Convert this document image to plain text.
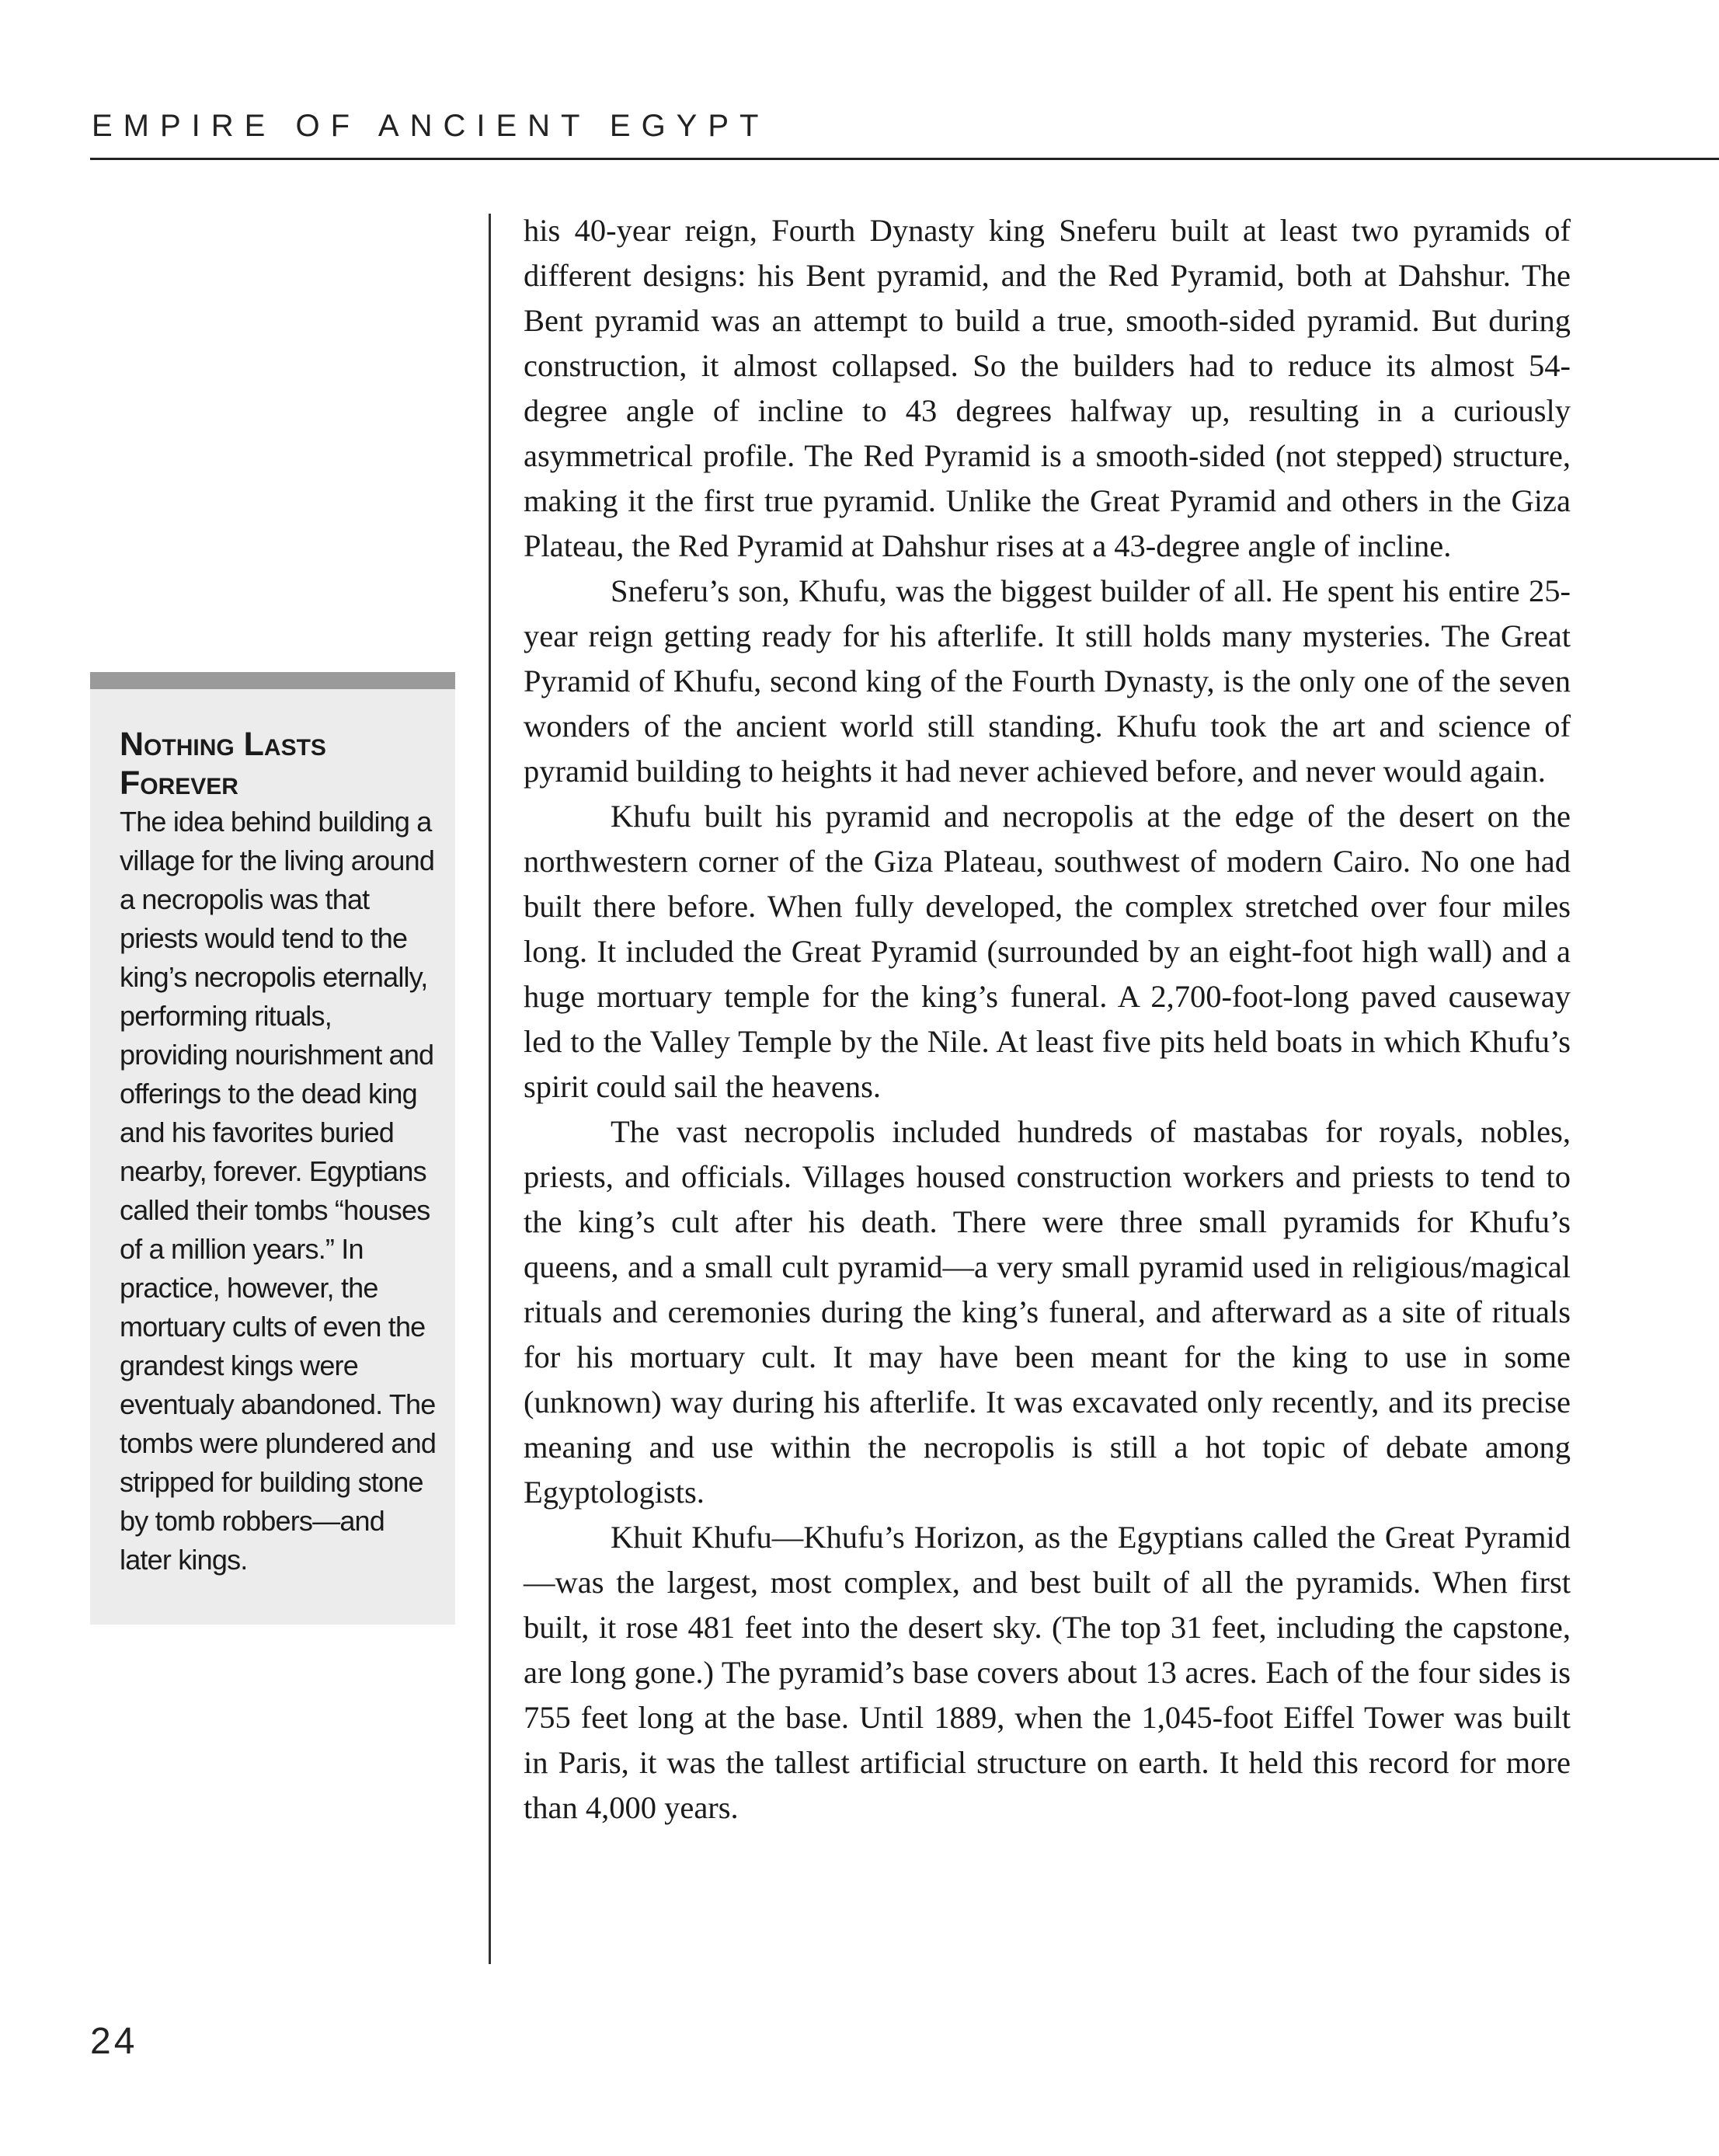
EMPIRE OF ANCIENT EGYPT

Nothing Lasts Forever

The idea behind building a village for the living around a necropolis was that priests would tend to the king’s necropolis eternally, performing rituals, providing nourishment and offerings to the dead king and his favorites buried nearby, forever. Egyptians called their tombs “houses of a million years.” In practice, however, the mortuary cults of even the grandest kings were eventualy abandoned. The tombs were plundered and stripped for building stone by tomb robbers—and later kings.

his 40-year reign, Fourth Dynasty king Sneferu built at least two pyramids of different designs: his Bent pyramid, and the Red Pyramid, both at Dahshur. The Bent pyramid was an attempt to build a true, smooth-sided pyramid. But during construction, it almost collapsed. So the builders had to reduce its almost 54-degree angle of incline to 43 degrees halfway up, resulting in a curiously asymmetrical profile. The Red Pyramid is a smooth-sided (not stepped) structure, making it the first true pyramid. Unlike the Great Pyramid and others in the Giza Plateau, the Red Pyramid at Dahshur rises at a 43-degree angle of incline.

Sneferu’s son, Khufu, was the biggest builder of all. He spent his entire 25-year reign getting ready for his afterlife. It still holds many mysteries. The Great Pyramid of Khufu, second king of the Fourth Dynasty, is the only one of the seven wonders of the ancient world still standing. Khufu took the art and science of pyramid building to heights it had never achieved before, and never would again.

Khufu built his pyramid and necropolis at the edge of the desert on the northwestern corner of the Giza Plateau, southwest of modern Cairo. No one had built there before. When fully developed, the complex stretched over four miles long. It included the Great Pyramid (surrounded by an eight-foot high wall) and a huge mortuary temple for the king’s funeral. A 2,700-foot-long paved causeway led to the Valley Temple by the Nile. At least five pits held boats in which Khufu’s spirit could sail the heavens.

The vast necropolis included hundreds of mastabas for royals, nobles, priests, and officials. Villages housed construction workers and priests to tend to the king’s cult after his death. There were three small pyramids for Khufu’s queens, and a small cult pyramid—a very small pyramid used in religious/magical rituals and ceremonies during the king’s funeral, and afterward as a site of rituals for his mortuary cult. It may have been meant for the king to use in some (unknown) way during his afterlife. It was excavated only recently, and its precise meaning and use within the necropolis is still a hot topic of debate among Egyptologists.

Khuit Khufu—Khufu’s Horizon, as the Egyptians called the Great Pyramid—was the largest, most complex, and best built of all the pyramids. When first built, it rose 481 feet into the desert sky. (The top 31 feet, including the capstone, are long gone.) The pyramid’s base covers about 13 acres. Each of the four sides is 755 feet long at the base. Until 1889, when the 1,045-foot Eiffel Tower was built in Paris, it was the tallest artificial structure on earth. It held this record for more than 4,000 years.

24
